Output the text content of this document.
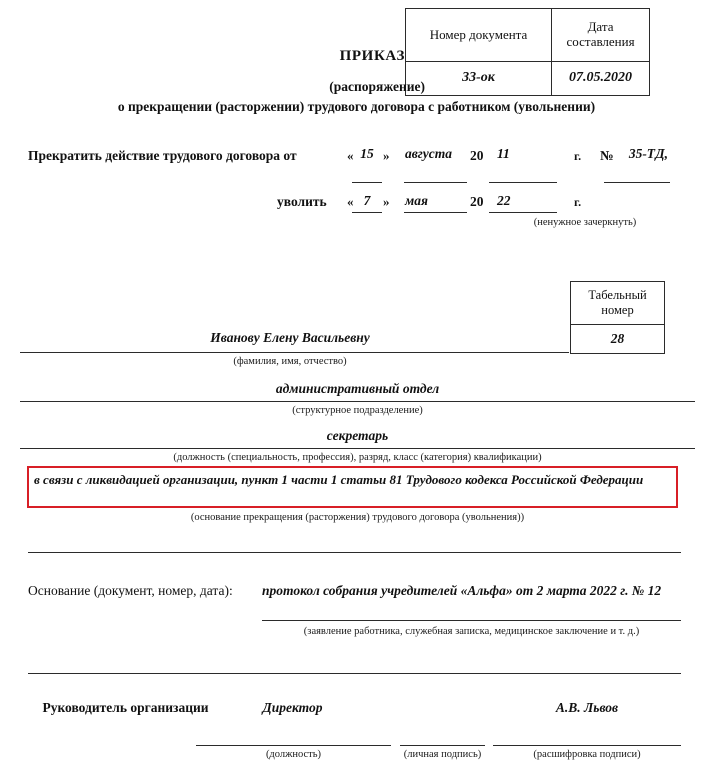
Номер документа	Дата составления
33-ок	07.05.2020
ПРИКАЗ
(распоряжение)
о прекращении (расторжении) трудового договора с работником (увольнении)
Прекратить действие трудового договора от	« 15 » августа	20 11	г. №	35-ТД,
уволить « 7 » мая	20 22	г.
(ненужное зачеркнуть)
Табельный номер
28
Иванову Елену Васильевну
(фамилия, имя, отчество)
административный отдел
(структурное подразделение)
секретарь
(должность (специальность, профессия), разряд, класс (категория) квалификации)
в связи с ликвидацией организации, пункт 1 части 1 статьи 81 Трудового кодекса Российской Федерации
(основание прекращения (расторжения) трудового договора (увольнения))
Основание (документ, номер, дата):	протокол собрания учредителей «Альфа» от 2 марта 2022 г. № 12
(заявление работника, служебная записка, медицинское заключение и т. д.)
Руководитель организации	Директор
(должность)	(личная подпись)
А.В. Львов
(расшифровка подписи)
